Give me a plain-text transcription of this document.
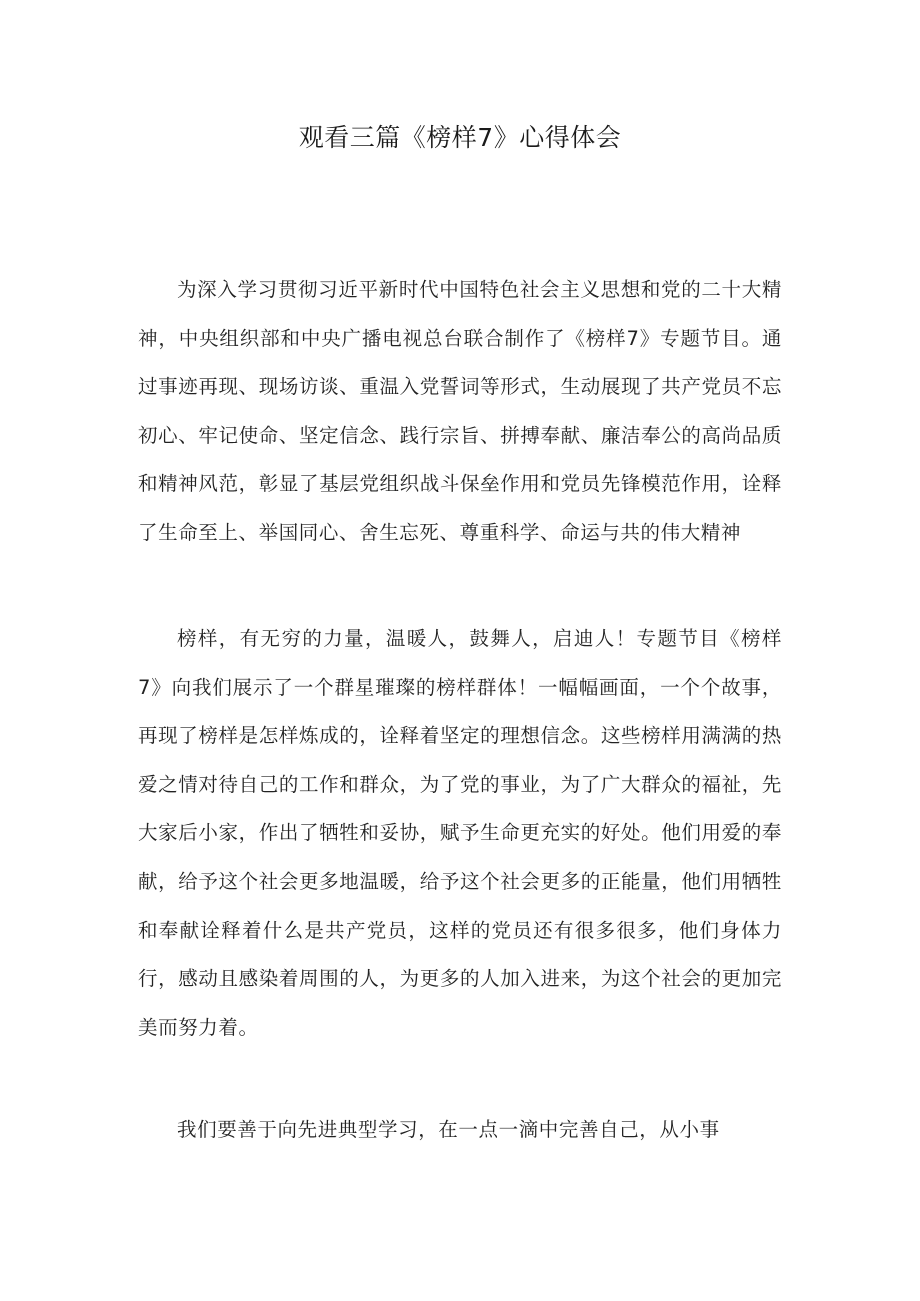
观看三篇《榜样7》心得体会

为深入学习贯彻习近平新时代中国特色社会主义思想和党的二十大精神，中央组织部和中央广播电视总台联合制作了《榜样7》专题节目。通过事迹再现、现场访谈、重温入党誓词等形式，生动展现了共产党员不忘初心、牢记使命、坚定信念、践行宗旨、拼搏奉献、廉洁奉公的高尚品质和精神风范，彰显了基层党组织战斗保垒作用和党员先锋模范作用，诠释了生命至上、举国同心、舍生忘死、尊重科学、命运与共的伟大精神

榜样，有无穷的力量，温暖人，鼓舞人，启迪人！专题节目《榜样7》向我们展示了一个群星璀璨的榜样群体！一幅幅画面，一个个故事，再现了榜样是怎样炼成的，诠释着坚定的理想信念。这些榜样用满满的热爱之情对待自己的工作和群众，为了党的事业，为了广大群众的福祉，先大家后小家，作出了牺牲和妥协，赋予生命更充实的好处。他们用爱的奉献，给予这个社会更多地温暖，给予这个社会更多的正能量，他们用牺牲和奉献诠释着什么是共产党员，这样的党员还有很多很多，他们身体力行，感动且感染着周围的人，为更多的人加入进来，为这个社会的更加完美而努力着。

我们要善于向先进典型学习，在一点一滴中完善自己，从小事
